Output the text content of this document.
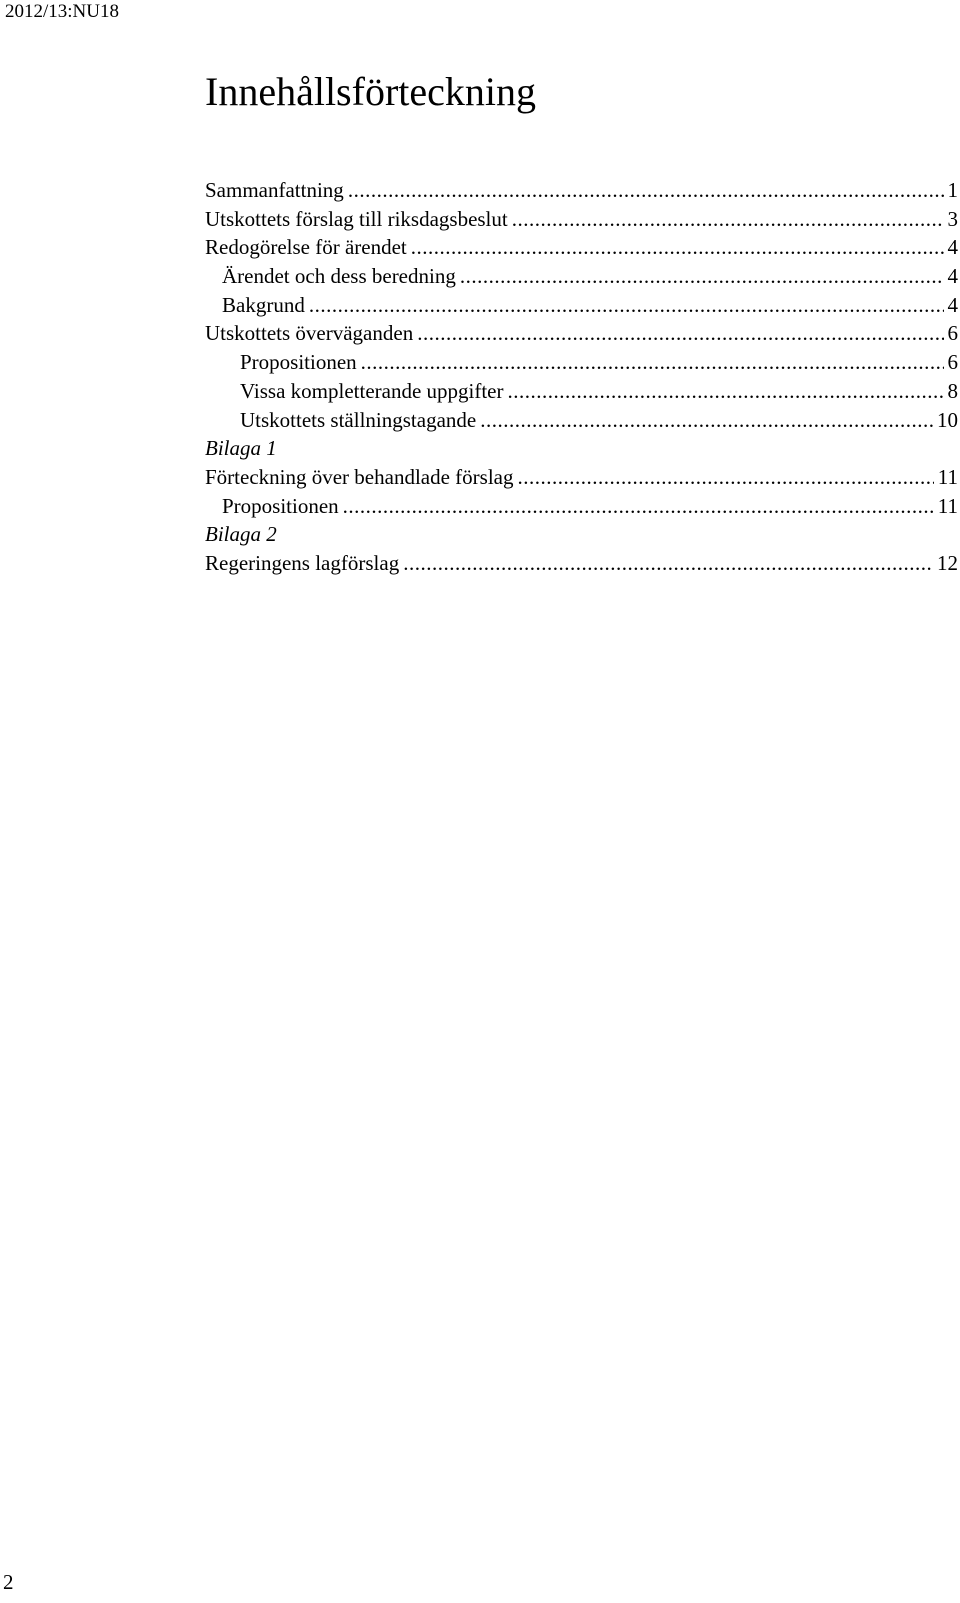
2012/13:NU18
Innehållsförteckning
Sammanfattning .....	1
Utskottets förslag till riksdagsbeslut .....	3
Redogörelse för ärendet .....	4
Ärendet och dess beredning .....	4
Bakgrund .....	4
Utskottets överväganden .....	6
Propositionen .....	6
Vissa kompletterande uppgifter .....	8
Utskottets ställningstagande .....	10
Bilaga 1
Förteckning över behandlade förslag .....	11
Propositionen .....	11
Bilaga 2
Regeringens lagförslag .....	12
2
